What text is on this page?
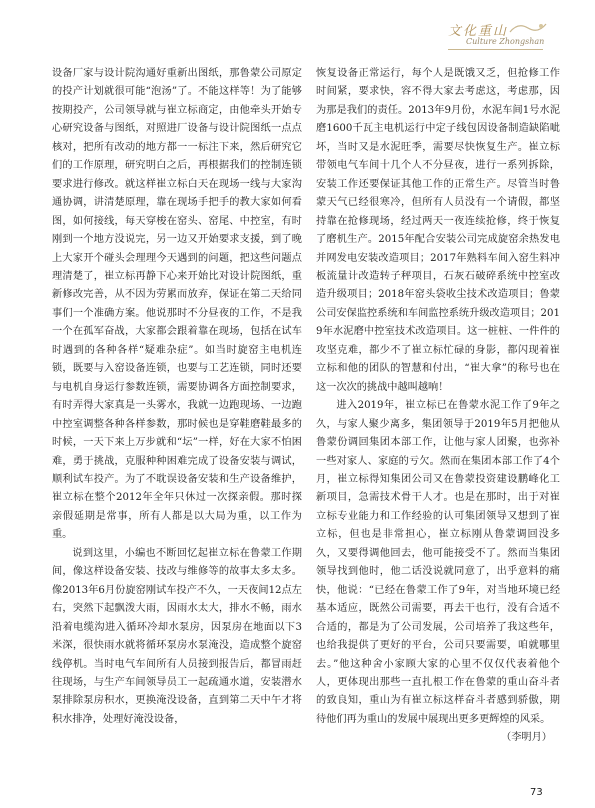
文化重山
Culture Zhongshan

设备厂家与设计院沟通好重新出图纸，那鲁蒙公司原定的投产计划就很可能“泡汤”了。不能这样等！为了能够按期投产，公司领导就与崔立标商定，由他牵头开始专心研究设备与图纸，对照进厂设备与设计院图纸一点点核对，把所有改动的地方都一一标注下来，然后研究它们的工作原理，研究明白之后，再根据我们的控制连锁要求进行修改。就这样崔立标白天在现场一线与大家沟通协调，讲清楚原理，靠在现场手把手的教大家如何看图，如何接线，每天穿梭在窑头、窑尾、中控室，有时刚到一个地方没说完，另一边又开始要求支援，到了晚上大家开个碰头会理理今天遇到的问题，把这些问题点理清楚了，崔立标再静下心来开始比对设计院图纸，重新修改完善，从不因为劳累而放弃，保证在第二天给同事们一个准确方案。他说那时不分昼夜的工作，不是我一个在孤军奋战，大家都会跟着靠在现场，包括在试车时遇到的各种各样“疑难杂症”。如当时旋窑主电机连锁，既要与入窑设备连锁，也要与工艺连锁，同时还要与电机自身运行参数连锁，需要协调各方面控制要求，有时弄得大家真是一头雾水，我就一边跑现场、一边跑中控室调整各种各样参数，那时候也是穿鞋磨鞋最多的时候，一天下来上万步就和“坛”一样，好在大家不怕困难，勇于挑战，克服种种困难完成了设备安装与调试，顺利试车投产。为了不耽误设备安装和生产设备维护，崔立标在整个2012年全年只休过一次探亲假。那时探亲假延期是常事，所有人都是以大局为重，以工作为重。

说到这里，小编也不断回忆起崔立标在鲁蒙工作期间，像这样设备安装、技改与维修等的故事太多太多。像2013年6月份旋窑刚试车投产不久，一天夜间12点左右，突然下起飘泼大雨，因雨水太大，排水不畅，雨水沿着电缆沟进入循环冷却水泵房，因泵房在地面以下3米深，很快雨水就将循环泵房水泵淹没，造成整个旋窑线停机。当时电气车间所有人员接到报告后，都冒雨赶往现场，与生产车间领导员工一起疏通水道，安装潜水泵排除泵房积水，更换淹没设备，直到第二天中午才将积水排净，处理好淹没设备，

恢复设备正常运行，每个人是既饿又乏，但抢修工作时间紧，要求快，容不得大家去考虑这，考虑那，因为那是我们的责任。2013年9月份，水泥车间1号水泥磨1600千瓦主电机运行中定子线包因设备制造缺陷呲坏，当时又是水泥旺季，需要尽快恢复生产。崔立标带领电气车间十几个人不分昼夜，进行一系列拆除，安装工作还要保证其他工作的正常生产。尽管当时鲁蒙天气已经很寒冷，但所有人员没有一个请假，都坚持靠在抢修现场，经过两天一夜连续抢修，终于恢复了磨机生产。2015年配合安装公司完成旋窑余热发电并网发电安装改造项目；2017年熟料车间入窑生料冲板流量计改造转子秤项目，石灰石破碎系统中控室改造升级项目；2018年窑头袋收尘技术改造项目；鲁蒙公司安保监控系统和车间监控系统升级改造项目；2019年水泥磨中控室技术改造项目。这一桩桩、一件件的攻坚克难，都少不了崔立标忙碌的身影，都闪现着崔立标和他的团队的智慧和付出，“崔大拿”的称号也在这一次次的挑战中越叫越响！

进入2019年，崔立标已在鲁蒙水泥工作了9年之久，与家人聚少离多，集团领导于2019年5月把他从鲁蒙份调回集团本部工作，让他与家人团聚，也弥补一些对家人、家庭的亏欠。然而在集团本部工作了4个月，崔立标得知集团公司又在鲁蒙投资建设鹏峰化工新项目，急需技术骨干人才。也是在那时，出于对崔立标专业能力和工作经验的认可集团领导又想到了崔立标，但也是非常担心，崔立标刚从鲁蒙调回没多久，又要得调他回去，他可能接受不了。然而当集团领导找到他时，他二话没说就同意了，出乎意料的痛快，他说：“已经在鲁蒙工作了9年，对当地环境已经基本适应，既然公司需要，再去干也行，没有合适不合适的，都是为了公司发展，公司培养了我这些年，也给我提供了更好的平台，公司只要需要，咱就哪里去。”他这种舍小家顾大家的心里不仅仅代表着他个人，更体现出那些一直扎根工作在鲁蒙的重山奋斗者的致良知，重山为有崔立标这样奋斗者感到骄傲，期待他们再为重山的发展中展现出更多更辉煌的风采。

（李明月）

73
